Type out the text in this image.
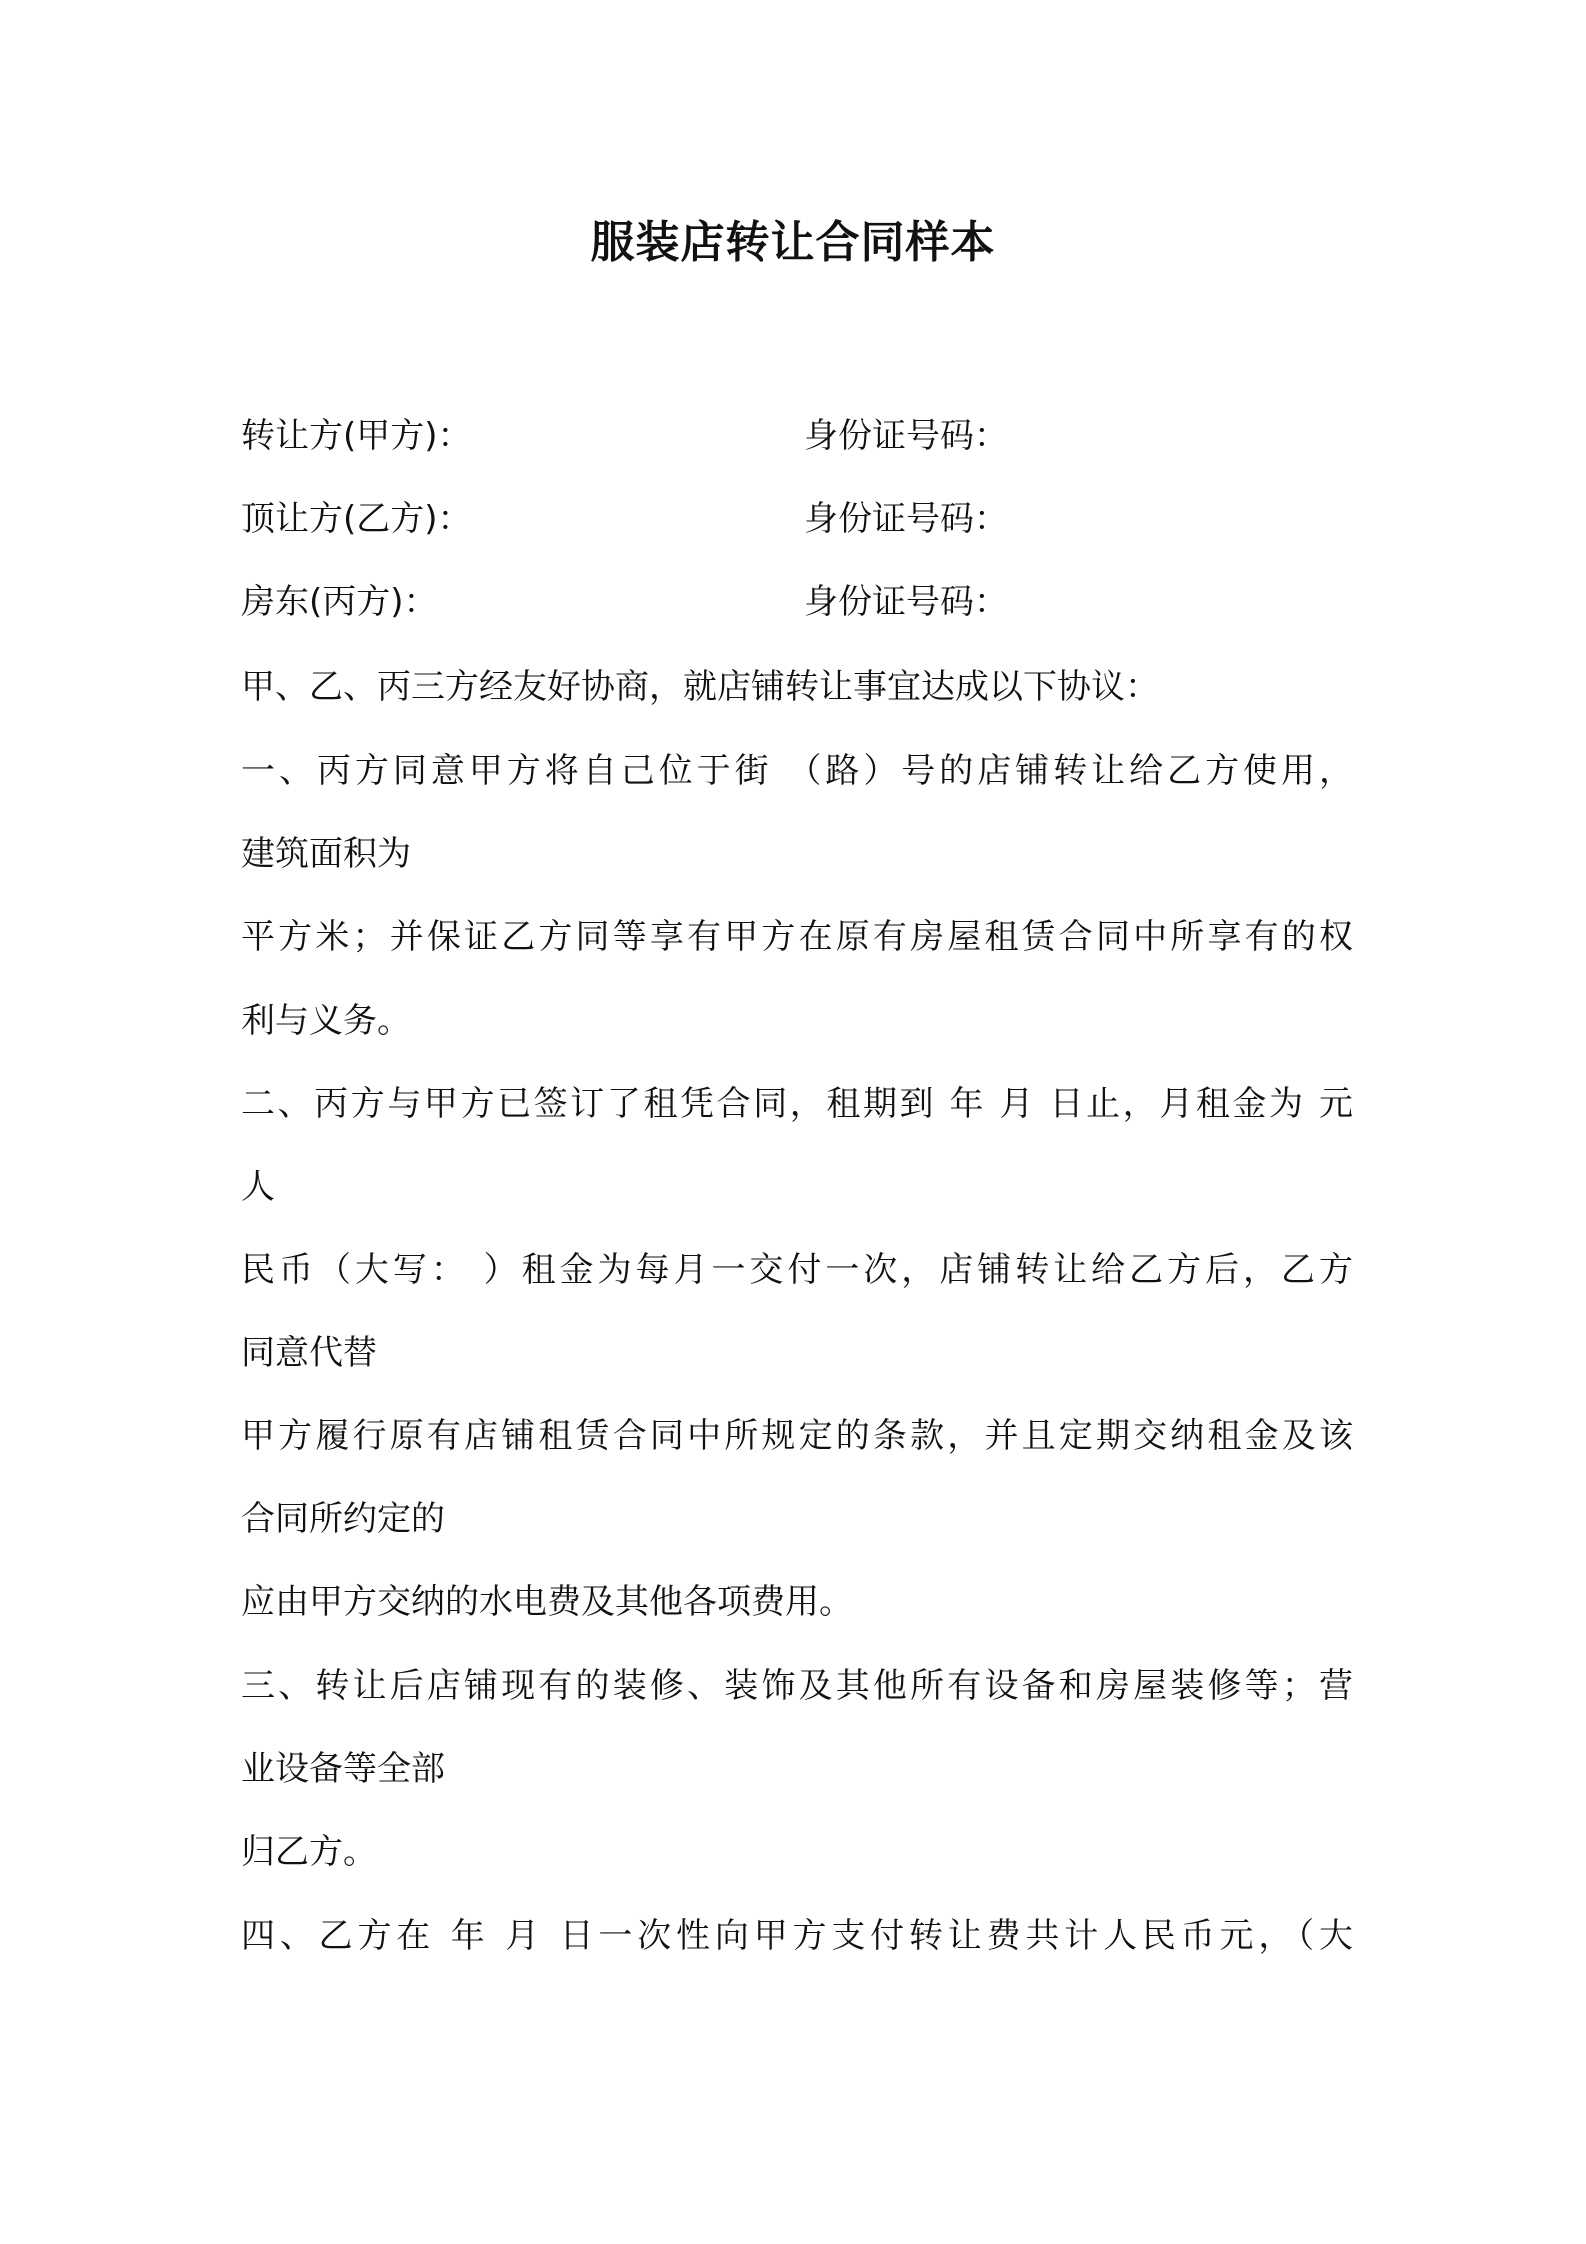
服装店转让合同样本
转让方(甲方)：	身份证号码：
顶让方(乙方)：	身份证号码：
房东(丙方)：	身份证号码：
甲、乙、丙三方经友好协商，就店铺转让事宜达成以下协议：
一、丙方同意甲方将自己位于街 （路）号的店铺转让给乙方使用，
建筑面积为
平方米；并保证乙方同等享有甲方在原有房屋租赁合同中所享有的权
利与义务。
二、丙方与甲方已签订了租凭合同，租期到 年 月 日止，月租金为 元
人
民币（大写： ）租金为每月一交付一次，店铺转让给乙方后，乙方
同意代替
甲方履行原有店铺租赁合同中所规定的条款，并且定期交纳租金及该
合同所约定的
应由甲方交纳的水电费及其他各项费用。
三、转让后店铺现有的装修、装饰及其他所有设备和房屋装修等；营
业设备等全部
归乙方。
四、乙方在 年 月 日一次性向甲方支付转让费共计人民币元，（大
